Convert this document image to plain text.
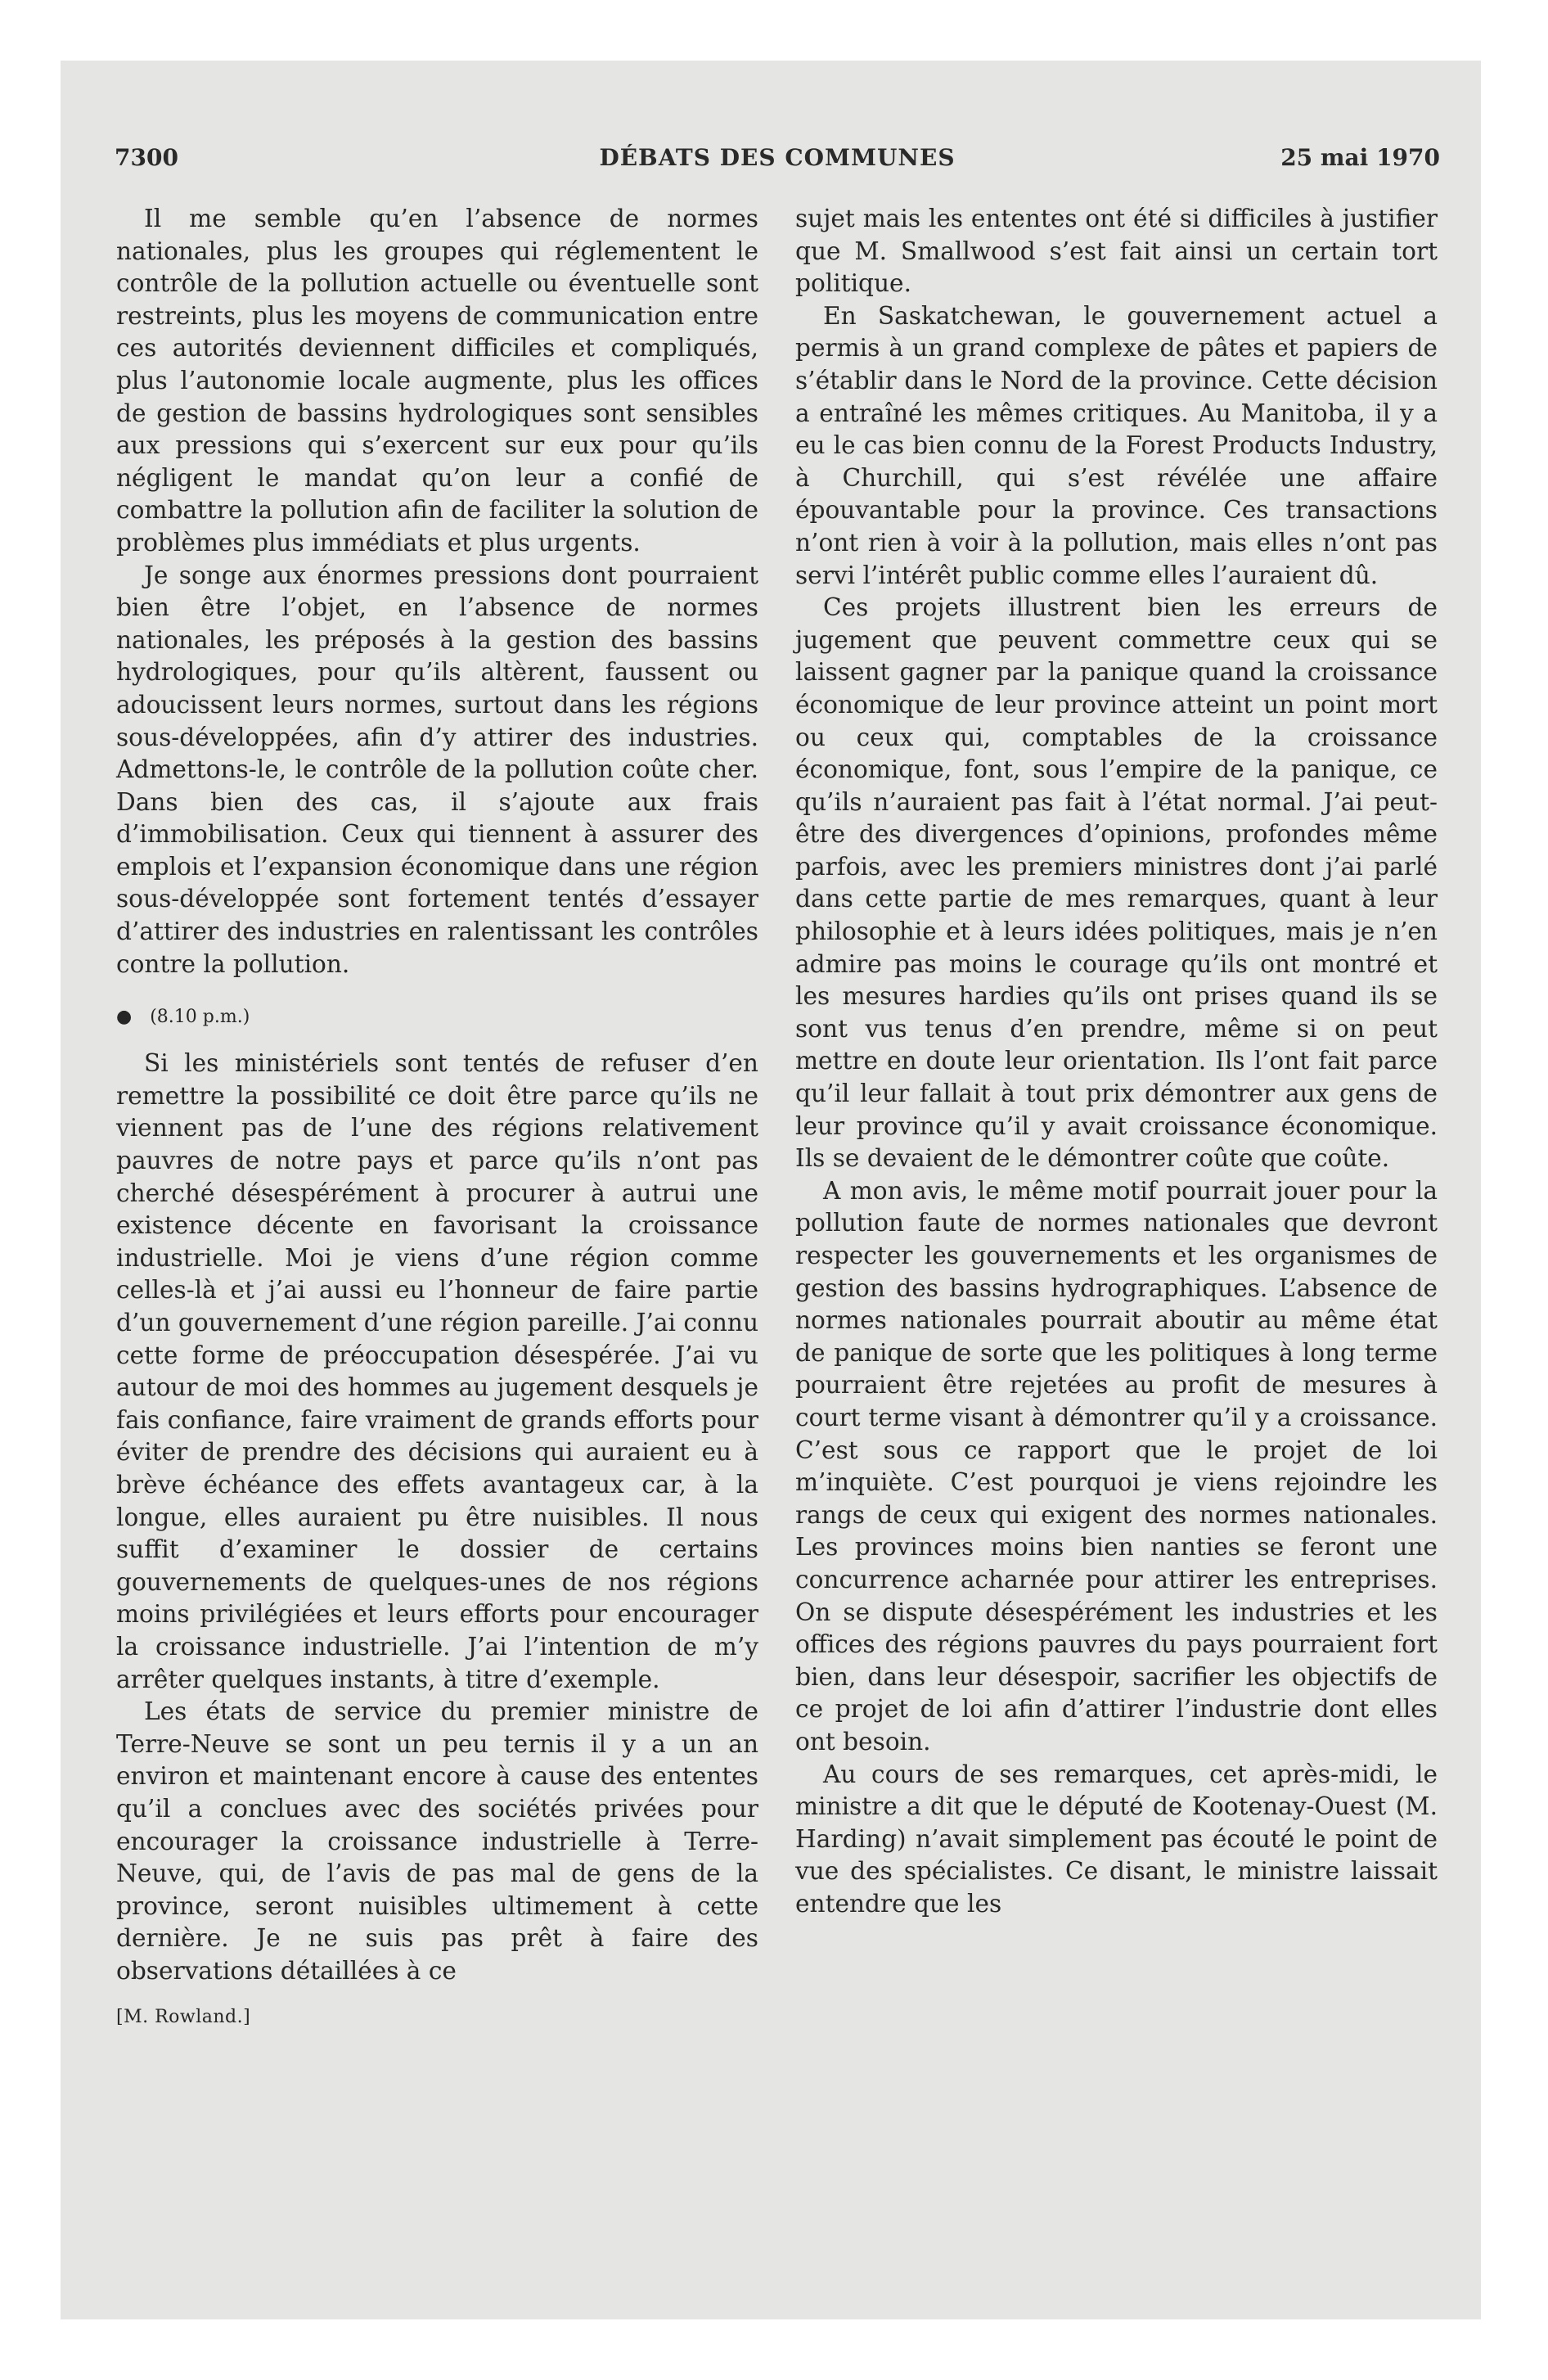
7300	DÉBATS DES COMMUNES	25 mai 1970

Il me semble qu’en l’absence de normes nationales, plus les groupes qui réglementent le contrôle de la pollution actuelle ou éventuelle sont restreints, plus les moyens de communication entre ces autorités deviennent difficiles et compliqués, plus l’autonomie locale augmente, plus les offices de gestion de bassins hydrologiques sont sensibles aux pressions qui s’exercent sur eux pour qu’ils négligent le mandat qu’on leur a confié de combattre la pollution afin de faciliter la solution de problèmes plus immédiats et plus urgents.

Je songe aux énormes pressions dont pourraient bien être l’objet, en l’absence de normes nationales, les préposés à la gestion des bassins hydrologiques, pour qu’ils altèrent, faussent ou adoucissent leurs normes, surtout dans les régions sous-développées, afin d’y attirer des industries. Admettons-le, le contrôle de la pollution coûte cher. Dans bien des cas, il s’ajoute aux frais d’immobilisation. Ceux qui tiennent à assurer des emplois et l’expansion économique dans une région sous-développée sont fortement tentés d’essayer d’attirer des industries en ralentissant les contrôles contre la pollution.

● (8.10 p.m.)

Si les ministériels sont tentés de refuser d’en remettre la possibilité ce doit être parce qu’ils ne viennent pas de l’une des régions relativement pauvres de notre pays et parce qu’ils n’ont pas cherché désespérément à procurer à autrui une existence décente en favorisant la croissance industrielle. Moi je viens d’une région comme celles-là et j’ai aussi eu l’honneur de faire partie d’un gouvernement d’une région pareille. J’ai connu cette forme de préoccupation désespérée. J’ai vu autour de moi des hommes au jugement desquels je fais confiance, faire vraiment de grands efforts pour éviter de prendre des décisions qui auraient eu à brève échéance des effets avantageux car, à la longue, elles auraient pu être nuisibles. Il nous suffit d’examiner le dossier de certains gouvernements de quelques-unes de nos régions moins privilégiées et leurs efforts pour encourager la croissance industrielle. J’ai l’intention de m’y arrêter quelques instants, à titre d’exemple.

Les états de service du premier ministre de Terre-Neuve se sont un peu ternis il y a un an environ et maintenant encore à cause des ententes qu’il a conclues avec des sociétés privées pour encourager la croissance industrielle à Terre-Neuve, qui, de l’avis de pas mal de gens de la province, seront nuisibles ultimement à cette dernière. Je ne suis pas prêt à faire des observations détaillées à ce

[M. Rowland.]

sujet mais les ententes ont été si difficiles à justifier que M. Smallwood s’est fait ainsi un certain tort politique.

En Saskatchewan, le gouvernement actuel a permis à un grand complexe de pâtes et papiers de s’établir dans le Nord de la province. Cette décision a entraîné les mêmes critiques. Au Manitoba, il y a eu le cas bien connu de la Forest Products Industry, à Churchill, qui s’est révélée une affaire épouvantable pour la province. Ces transactions n’ont rien à voir à la pollution, mais elles n’ont pas servi l’intérêt public comme elles l’auraient dû.

Ces projets illustrent bien les erreurs de jugement que peuvent commettre ceux qui se laissent gagner par la panique quand la croissance économique de leur province atteint un point mort ou ceux qui, comptables de la croissance économique, font, sous l’empire de la panique, ce qu’ils n’auraient pas fait à l’état normal. J’ai peut-être des divergences d’opinions, profondes même parfois, avec les premiers ministres dont j’ai parlé dans cette partie de mes remarques, quant à leur philosophie et à leurs idées politiques, mais je n’en admire pas moins le courage qu’ils ont montré et les mesures hardies qu’ils ont prises quand ils se sont vus tenus d’en prendre, même si on peut mettre en doute leur orientation. Ils l’ont fait parce qu’il leur fallait à tout prix démontrer aux gens de leur province qu’il y avait croissance économique. Ils se devaient de le démontrer coûte que coûte.

A mon avis, le même motif pourrait jouer pour la pollution faute de normes nationales que devront respecter les gouvernements et les organismes de gestion des bassins hydrographiques. L’absence de normes nationales pourrait aboutir au même état de panique de sorte que les politiques à long terme pourraient être rejetées au profit de mesures à court terme visant à démontrer qu’il y a croissance. C’est sous ce rapport que le projet de loi m’inquiète. C’est pourquoi je viens rejoindre les rangs de ceux qui exigent des normes nationales. Les provinces moins bien nanties se feront une concurrence acharnée pour attirer les entreprises. On se dispute désespérément les industries et les offices des régions pauvres du pays pourraient fort bien, dans leur désespoir, sacrifier les objectifs de ce projet de loi afin d’attirer l’industrie dont elles ont besoin.

Au cours de ses remarques, cet après-midi, le ministre a dit que le député de Kootenay-Ouest (M. Harding) n’avait simplement pas écouté le point de vue des spécialistes. Ce disant, le ministre laissait entendre que les
